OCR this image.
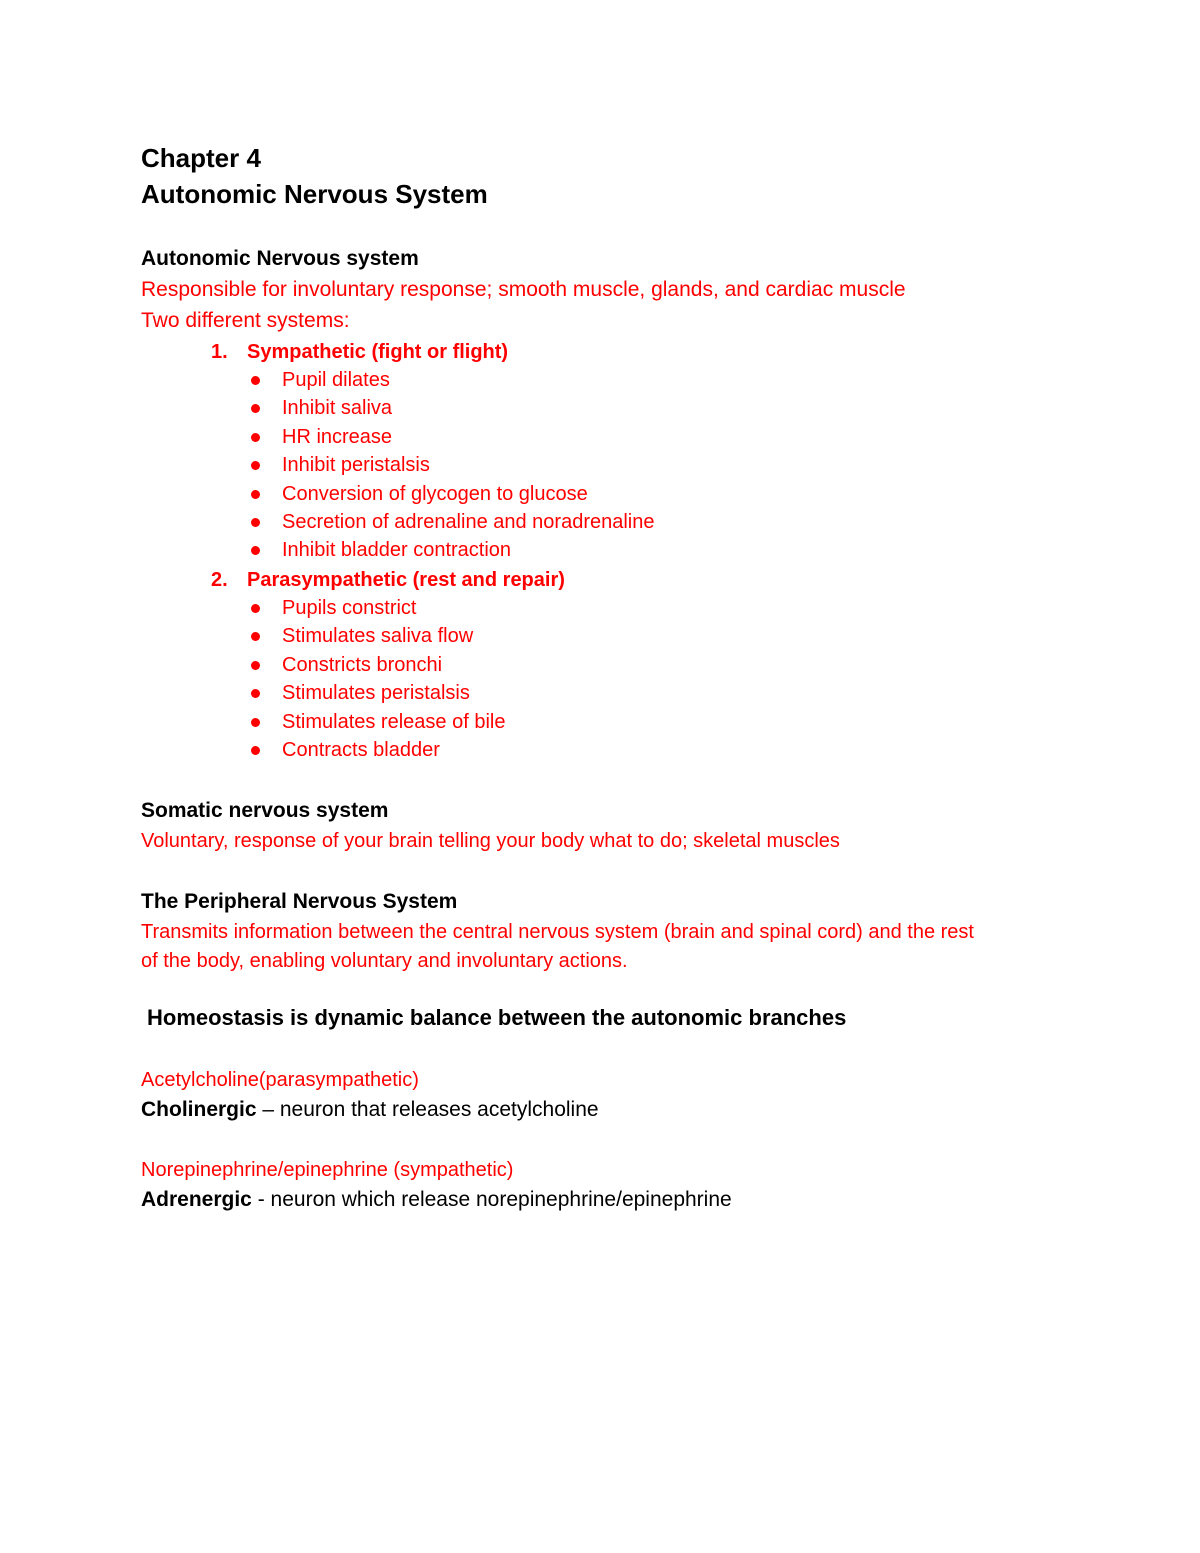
Chapter 4
Autonomic Nervous System
Autonomic Nervous system
Responsible for involuntary response; smooth muscle, glands, and cardiac muscle
Two different systems:
1. Sympathetic (fight or flight)
Pupil dilates
Inhibit saliva
HR increase
Inhibit peristalsis
Conversion of glycogen to glucose
Secretion of adrenaline and noradrenaline
Inhibit bladder contraction
2. Parasympathetic (rest and repair)
Pupils constrict
Stimulates saliva flow
Constricts bronchi
Stimulates peristalsis
Stimulates release of bile
Contracts bladder
Somatic nervous system
Voluntary, response of your brain telling your body what to do; skeletal muscles
The Peripheral Nervous System
Transmits information between the central nervous system (brain and spinal cord) and the rest
of the body, enabling voluntary and involuntary actions.
Homeostasis is dynamic balance between the autonomic branches
Acetylcholine(parasympathetic)
Cholinergic – neuron that releases acetylcholine
Norepinephrine/epinephrine (sympathetic)
Adrenergic - neuron which release norepinephrine/epinephrine
